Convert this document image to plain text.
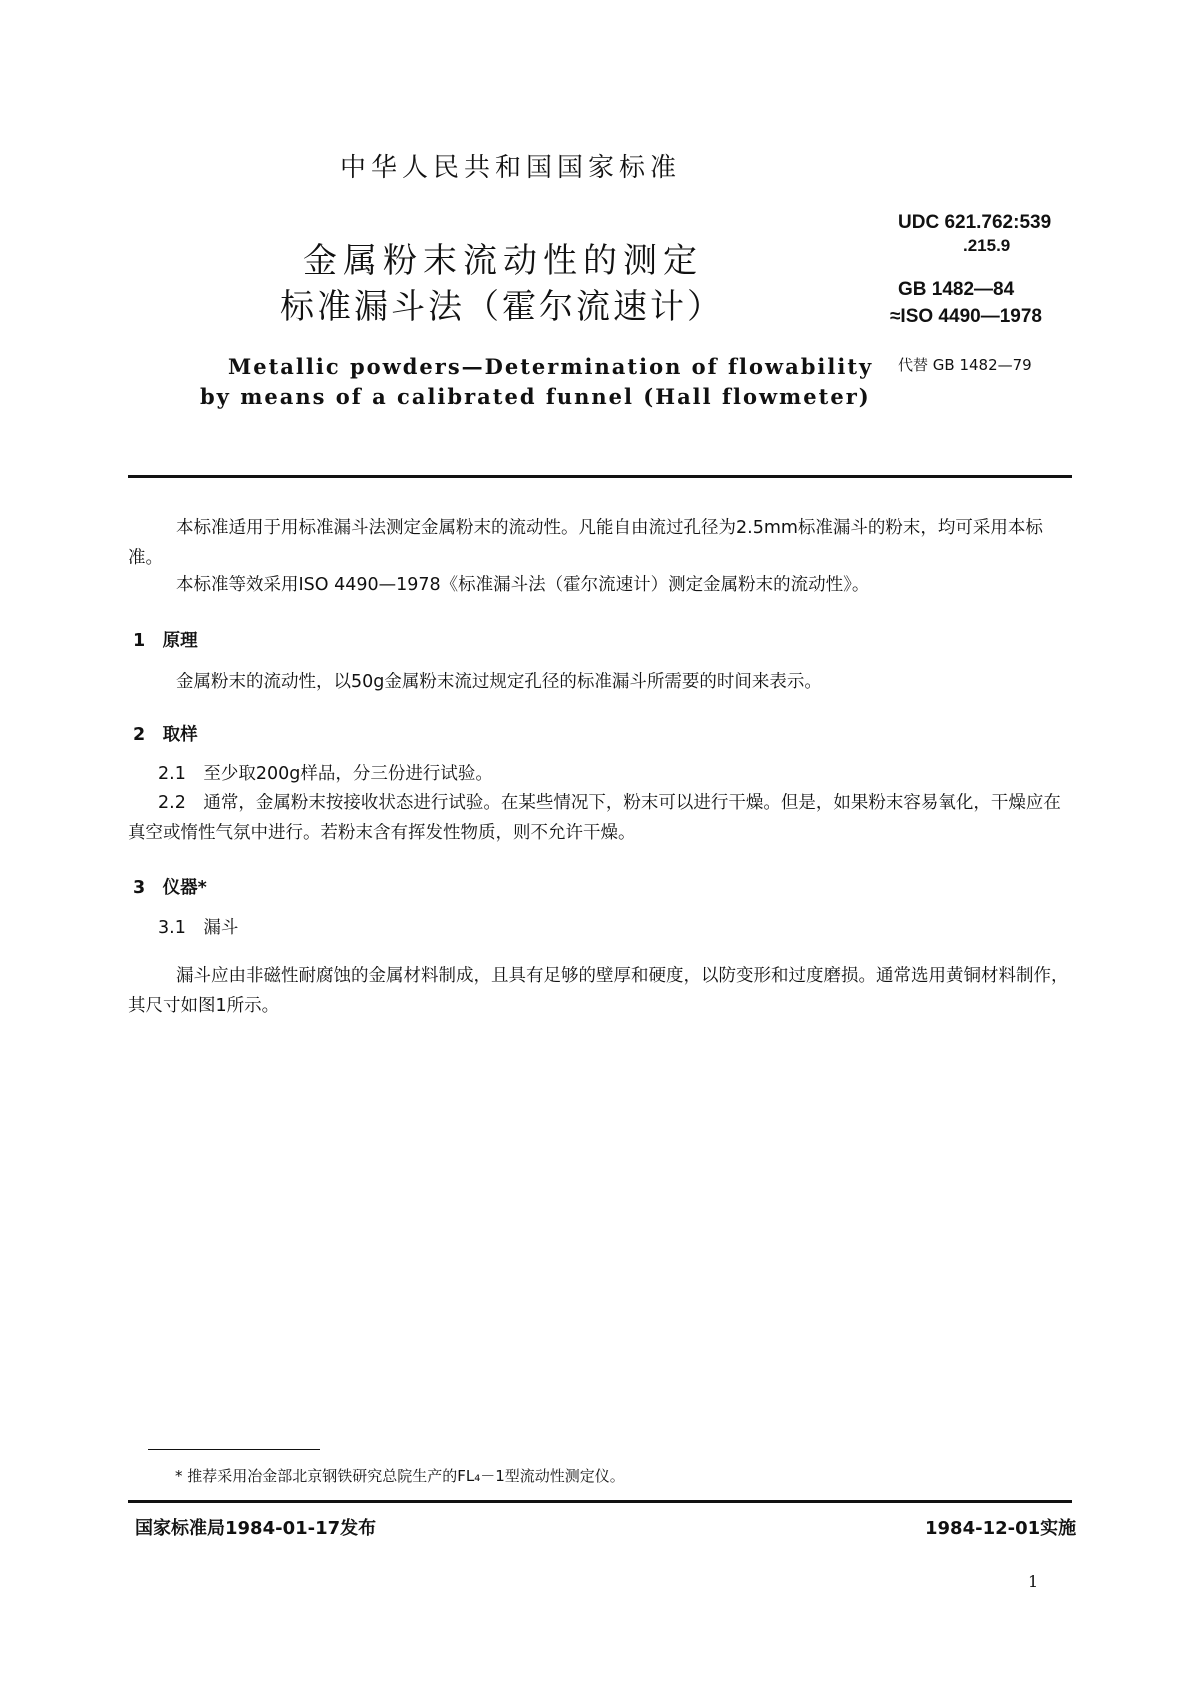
中华人民共和国国家标准
金属粉末流动性的测定
标准漏斗法（霍尔流速计）
Metallic powders—Determination of flowability
by means of a calibrated funnel (Hall flowmeter)
UDC 621.762:539
.215.9
GB 1482—84
≈ISO 4490—1978
代替 GB 1482—79
本标准适用于用标准漏斗法测定金属粉末的流动性。凡能自由流过孔径为2.5mm标准漏斗的粉末，均可采用本标准。
本标准等效采用ISO 4490—1978《标准漏斗法（霍尔流速计）测定金属粉末的流动性》。
1　原理
金属粉末的流动性，以50g金属粉末流过规定孔径的标准漏斗所需要的时间来表示。
2　取样
2.1　至少取200g样品，分三份进行试验。
2.2　通常，金属粉末按接收状态进行试验。在某些情况下，粉末可以进行干燥。但是，如果粉末容易氧化，干燥应在真空或惰性气氛中进行。若粉末含有挥发性物质，则不允许干燥。
3　仪器*
3.1　漏斗
漏斗应由非磁性耐腐蚀的金属材料制成，且具有足够的壁厚和硬度，以防变形和过度磨损。通常选用黄铜材料制作，其尺寸如图1所示。
* 推荐采用冶金部北京钢铁研究总院生产的FL₄－1型流动性测定仪。
国家标准局1984-01-17发布	1984-12-01实施
1
